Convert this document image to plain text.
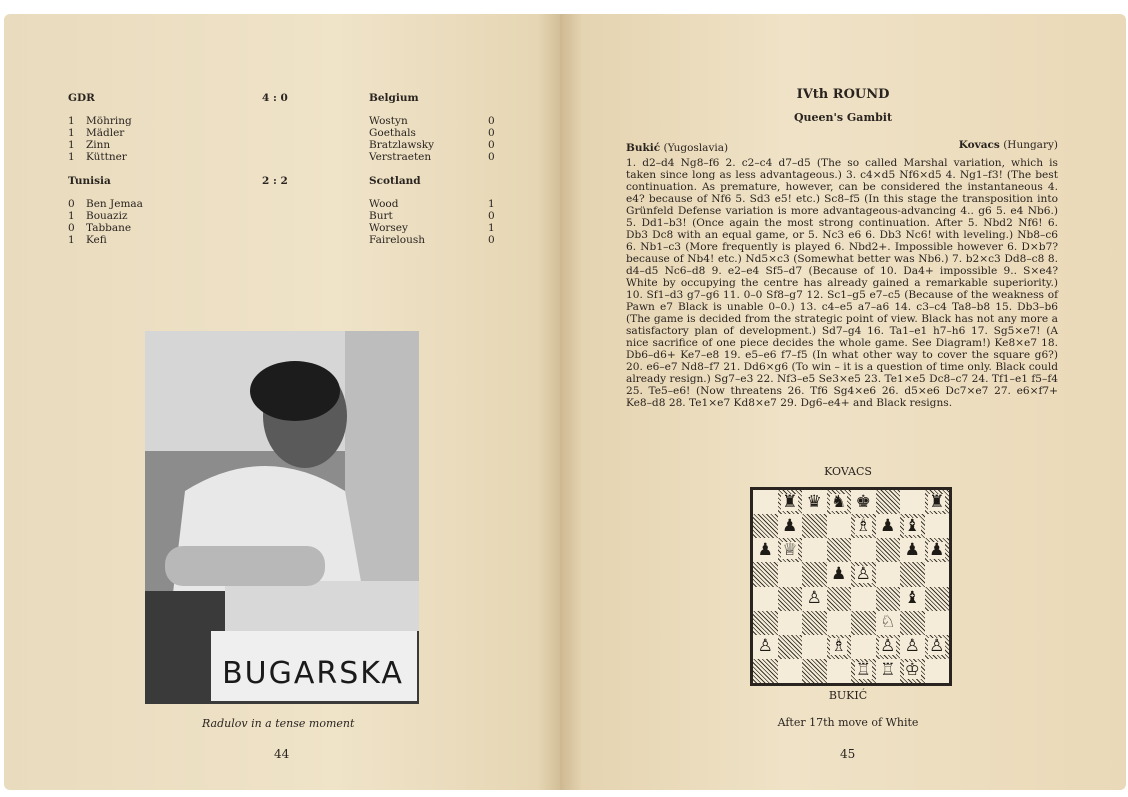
GDR	4 : 0	Belgium
1 Möhring	Wostyn	0
1 Mädler	Goethals	0
1 Zinn	Bratzlawsky	0
1 Küttner	Verstraeten	0
Tunisia	2 : 2	Scotland
0 Ben Jemaa	Wood	1
1 Bouaziz	Burt	0
0 Tabbane	Worsey	1
1 Kefi	Faireloush	0
BUGARSKA
Radulov in a tense moment
44
IVth ROUND
Queen's Gambit
Bukić (Yugoslavia)	Kovacs (Hungary)
1. d2–d4 Ng8–f6 2. c2–c4 d7–d5 (The so called Marshal variation, which is taken since long as less advantageous.) 3. c4×d5 Nf6×d5 4. Ng1–f3! (The best continuation. As premature, however, can be considered the instantaneous 4. e4? because of Nf6 5. Sd3 e5! etc.) Sc8–f5 (In this stage the transposition into Grünfeld Defense variation is more advantageous-advancing 4.. g6 5. e4 Nb6.) 5. Dd1–b3! (Once again the most strong continuation. After 5. Nbd2 Nf6! 6. Db3 Dc8 with an equal game, or 5. Nc3 e6 6. Db3 Nc6! with leveling.) Nb8–c6 6. Nb1–c3 (More frequently is played 6. Nbd2+. Impossible however 6. D×b7? because of Nb4! etc.) Nd5×c3 (Somewhat better was Nb6.) 7. b2×c3 Dd8–c8 8. d4–d5 Nc6–d8 9. e2–e4 Sf5–d7 (Because of 10. Da4+ impossible 9.. S×e4? White by occupying the centre has already gained a remarkable superiority.) 10. Sf1–d3 g7–g6 11. 0–0 Sf8–g7 12. Sc1–g5 e7–c5 (Because of the weakness of Pawn e7 Black is unable 0–0.) 13. c4–e5 a7–a6 14. c3–c4 Ta8–b8 15. Db3–b6 (The game is decided from the strategic point of view. Black has not any more a satisfactory plan of development.) Sd7–g4 16. Ta1–e1 h7–h6 17. Sg5×e7! (A nice sacrifice of one piece decides the whole game. See Diagram!) Ke8×e7 18. Db6–d6+ Ke7–e8 19. e5–e6 f7–f5 (In what other way to cover the square g6?) 20. e6–e7 Nd8–f7 21. Dd6×g6 (To win – it is a question of time only. Black could already resign.) Sg7–e3 22. Nf3–e5 Se3×e5 23. Te1×e5 Dc8–c7 24. Tf1–e1 f5–f4 25. Te5–e6! (Now threatens 26. Tf6 Sg4×e6 26. d5×e6 Dc7×e7 27. e6×f7+ Ke8–d8 28. Te1×e7 Kd8×e7 29. Dg6–e4+ and Black resigns.
KOVACS
♜ ♛ ♞ ♚	♜
♟	♗ ♟ ♝
♟ ♕	♟ ♟
♟ ♙
♙	♝
♘
♙	♗ ♙ ♙ ♙
♖ ♖ ♔
BUKIĆ
After 17th move of White
45
